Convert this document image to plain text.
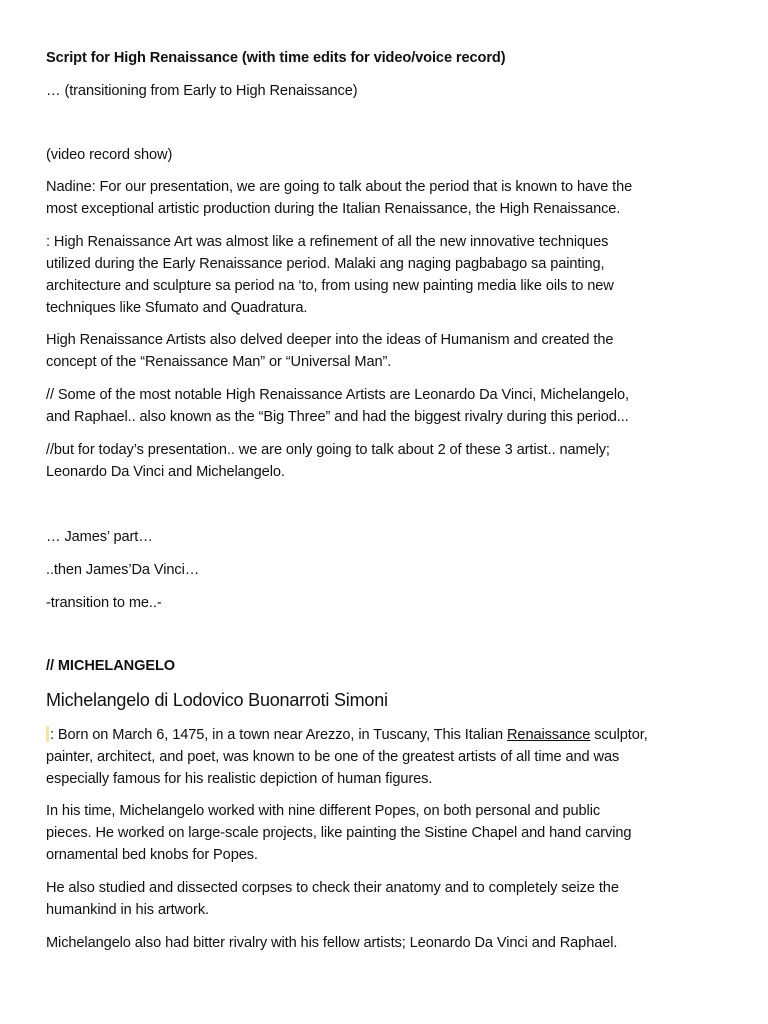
Script for High Renaissance (with time edits for video/voice record)
… (transitioning from Early to High Renaissance)
(video record show)
Nadine: For our presentation, we are going to talk about the period that is known to have the
most exceptional artistic production during the Italian Renaissance, the High Renaissance.
: High Renaissance Art was almost like a refinement of all the new innovative techniques
utilized during the Early Renaissance period. Malaki ang naging pagbabago sa painting,
architecture and sculpture sa period na ‘to, from using new painting media like oils to new
techniques like Sfumato and Quadratura.
High Renaissance Artists also delved deeper into the ideas of Humanism and created the
concept of the “Renaissance Man” or “Universal Man”.
// Some of the most notable High Renaissance Artists are Leonardo Da Vinci, Michelangelo,
and Raphael.. also known as the “Big Three” and had the biggest rivalry during this period...
//but for today’s presentation.. we are only going to talk about 2 of these 3 artist.. namely;
Leonardo Da Vinci and Michelangelo.
… James’ part…
..then James’Da Vinci…
-transition to me..-
// MICHELANGELO
Michelangelo di Lodovico Buonarroti Simoni
: Born on March 6, 1475, in a town near Arezzo, in Tuscany, This Italian Renaissance sculptor,
painter, architect, and poet, was known to be one of the greatest artists of all time and was
especially famous for his realistic depiction of human figures.
In his time, Michelangelo worked with nine different Popes, on both personal and public
pieces. He worked on large-scale projects, like painting the Sistine Chapel and hand carving
ornamental bed knobs for Popes.
He also studied and dissected corpses to check their anatomy and to completely seize the
humankind in his artwork.
Michelangelo also had bitter rivalry with his fellow artists; Leonardo Da Vinci and Raphael.
